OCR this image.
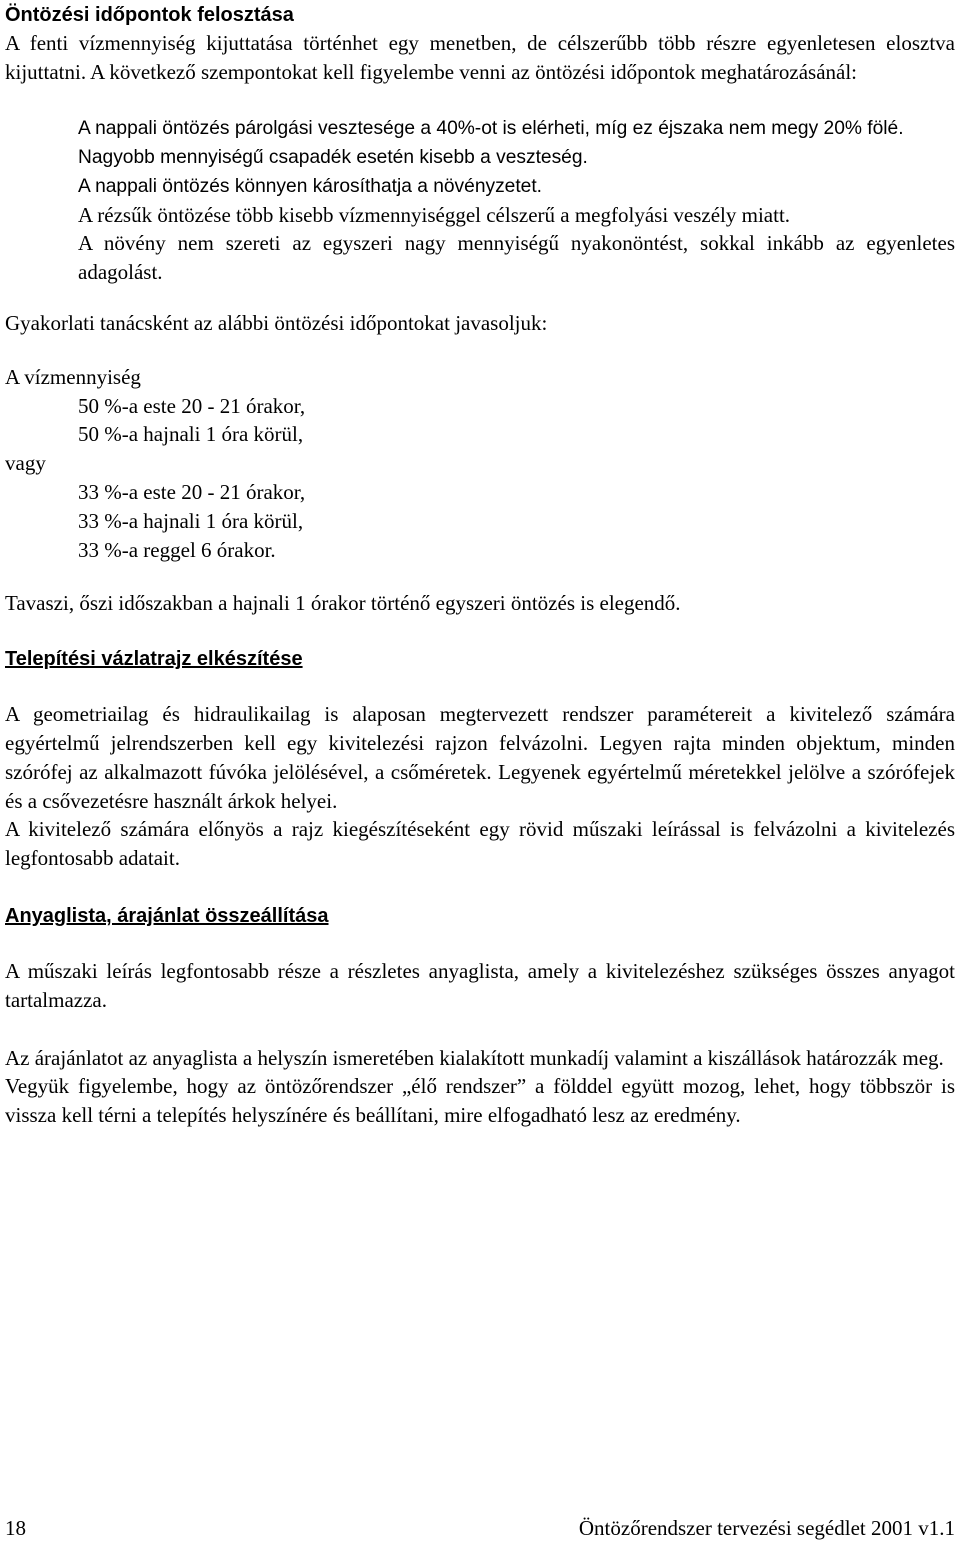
Öntözési időpontok felosztása

A fenti vízmennyiség kijuttatása történhet egy menetben, de célszerűbb több részre egyenletesen elosztva kijuttatni. A következő szempontokat kell figyelembe venni az öntözési időpontok meghatározásánál:

A nappali öntözés párolgási vesztesége a 40%-ot is elérheti, míg ez éjszaka nem megy 20% fölé.

Nagyobb mennyiségű csapadék esetén kisebb a veszteség.

A nappali öntözés könnyen károsíthatja a növényzetet.

A rézsűk öntözése több kisebb vízmennyiséggel célszerű a megfolyási veszély miatt.

A növény nem szereti az egyszeri nagy mennyiségű nyakonöntést, sokkal inkább az egyenletes adagolást.

Gyakorlati tanácsként az alábbi öntözési időpontokat javasoljuk:

A vízmennyiség

50 %-a este 20 - 21 órakor,

50 %-a hajnali 1 óra körül,

vagy

33 %-a este 20 - 21 órakor,

33 %-a hajnali 1 óra körül,

33 %-a reggel 6 órakor.

Tavaszi, őszi időszakban a hajnali 1 órakor történő egyszeri öntözés is elegendő.

Telepítési vázlatrajz elkészítése

A geometriailag és hidraulikailag is alaposan megtervezett rendszer paramétereit a kivitelező számára egyértelmű jelrendszerben kell egy kivitelezési rajzon felvázolni. Legyen rajta minden objektum, minden szórófej az alkalmazott fúvóka jelölésével, a csőméretek. Legyenek egyértelmű méretekkel jelölve a szórófejek és a csővezetésre használt árkok helyei.

A kivitelező számára előnyös a rajz kiegészítéseként egy rövid műszaki leírással is felvázolni a kivitelezés legfontosabb adatait.

Anyaglista, árajánlat összeállítása

A műszaki leírás legfontosabb része a részletes anyaglista, amely a kivitelezéshez szükséges összes anyagot tartalmazza.

Az árajánlatot az anyaglista a helyszín ismeretében kialakított munkadíj valamint a kiszállások határozzák meg.

Vegyük figyelembe, hogy az öntözőrendszer „élő rendszer” a földdel együtt mozog, lehet, hogy többször is vissza kell térni a telepítés helyszínére és beállítani, mire elfogadható lesz az eredmény.

18	Öntözőrendszer tervezési segédlet 2001 v1.1
